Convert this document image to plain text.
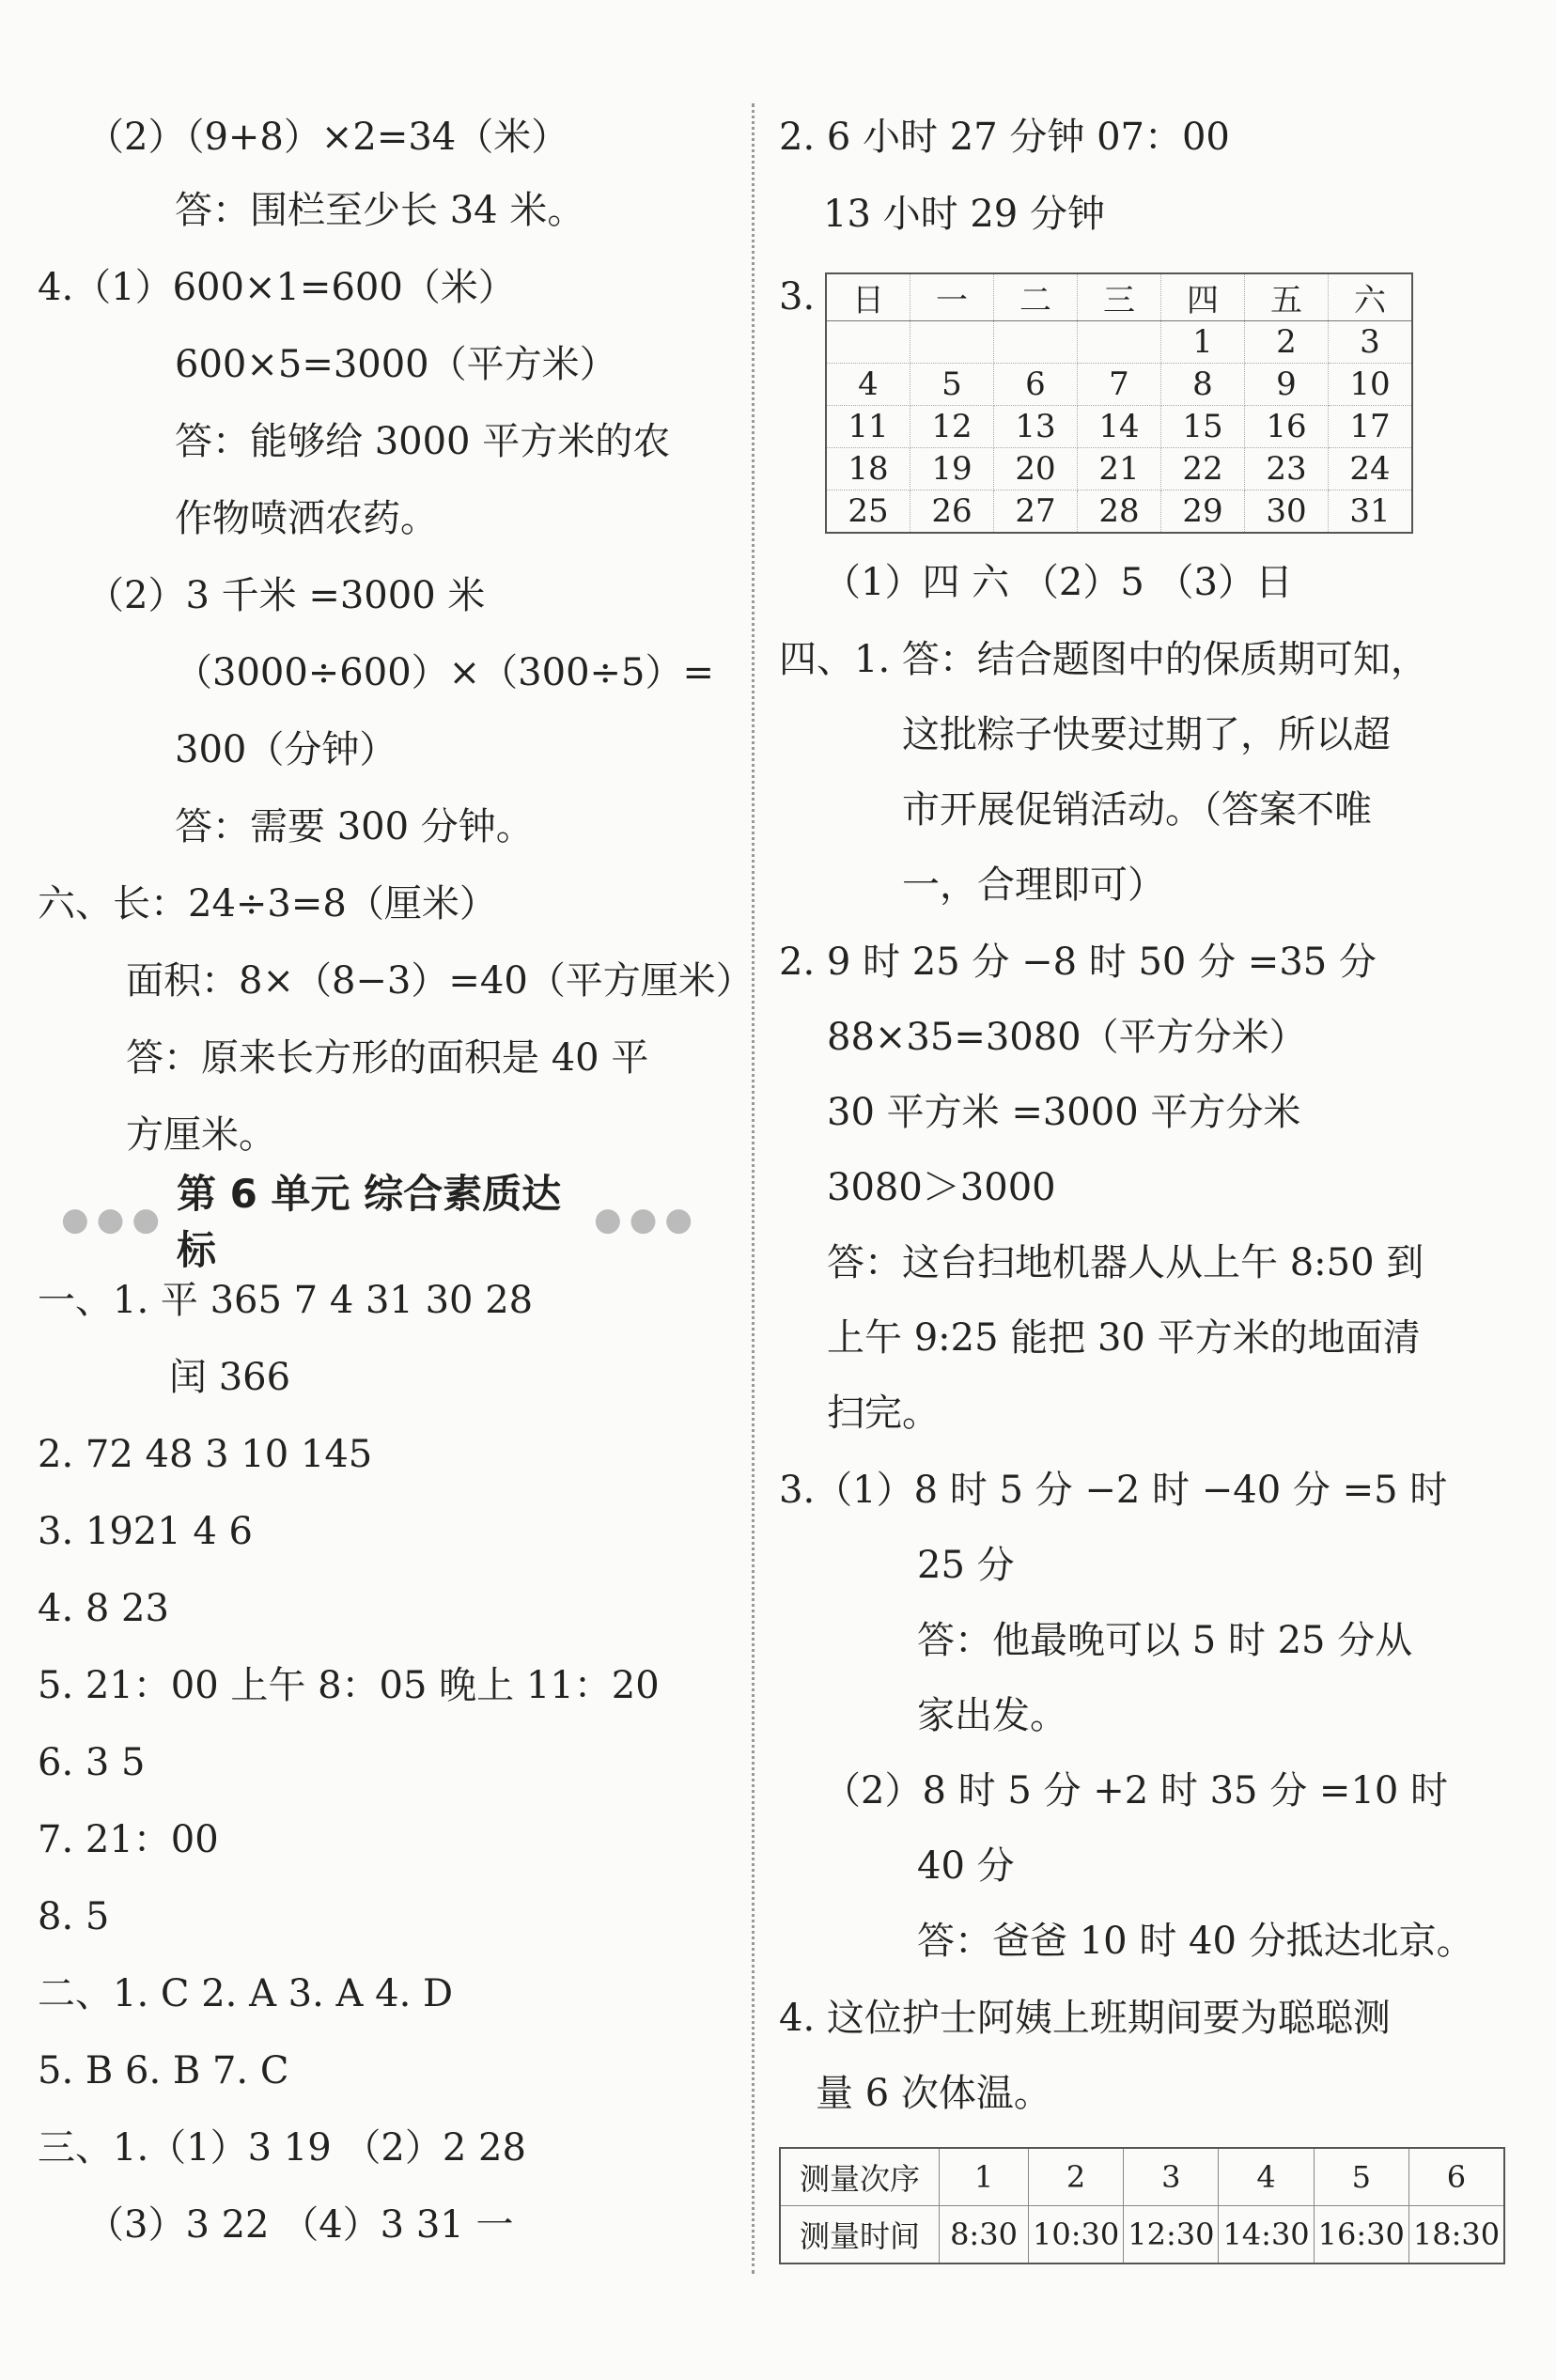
（2）（9+8）×2=34（米）
答：围栏至少长 34 米。
4.（1）600×1=600（米）
600×5=3000（平方米）
答：能够给 3000 平方米的农
作物喷洒农药。
（2）3 千米 =3000 米
（3000÷600）×（300÷5）=
300（分钟）
答：需要 300 分钟。
六、长：24÷3=8（厘米）
面积：8×（8−3）=40（平方厘米）
答：原来长方形的面积是 40 平
方厘米。
●●●
第 6 单元 综合素质达标
●●●
一、1. 平 365 7 4 31 30 28
闰 366
2. 72 48 3 10 145
3. 1921 4 6
4. 8 23
5. 21：00 上午 8：05 晚上 11：20
6. 3 5
7. 21：00
8. 5
二、1. C 2. A 3. A 4. D
5. B 6. B 7. C
三、1.（1）3 19 （2）2 28
（3）3 22 （4）3 31 一
2. 6 小时 27 分钟 07：00
13 小时 29 分钟
3. 日	一	二	三	四	五	六
				1	2	3
4	5	6	7	8	9	10
11	12	13	14	15	16	17
18	19	20	21	22	23	24
25	26	27	28	29	30	31
（1）四 六 （2）5 （3）日
四、1. 答：结合题图中的保质期可知，
这批粽子快要过期了，所以超
市开展促销活动。（答案不唯
一，合理即可）
2. 9 时 25 分 −8 时 50 分 =35 分
88×35=3080（平方分米）
30 平方米 =3000 平方分米
3080＞3000
答：这台扫地机器人从上午 8:50 到
上午 9:25 能把 30 平方米的地面清
扫完。
3.（1）8 时 5 分 −2 时 −40 分 =5 时
25 分
答：他最晚可以 5 时 25 分从
家出发。
（2）8 时 5 分 +2 时 35 分 =10 时
40 分
答：爸爸 10 时 40 分抵达北京。
4. 这位护士阿姨上班期间要为聪聪测
量 6 次体温。
测量次序	1	2	3	4	5	6
测量时间	8:30	10:30	12:30	14:30	16:30	18:30
